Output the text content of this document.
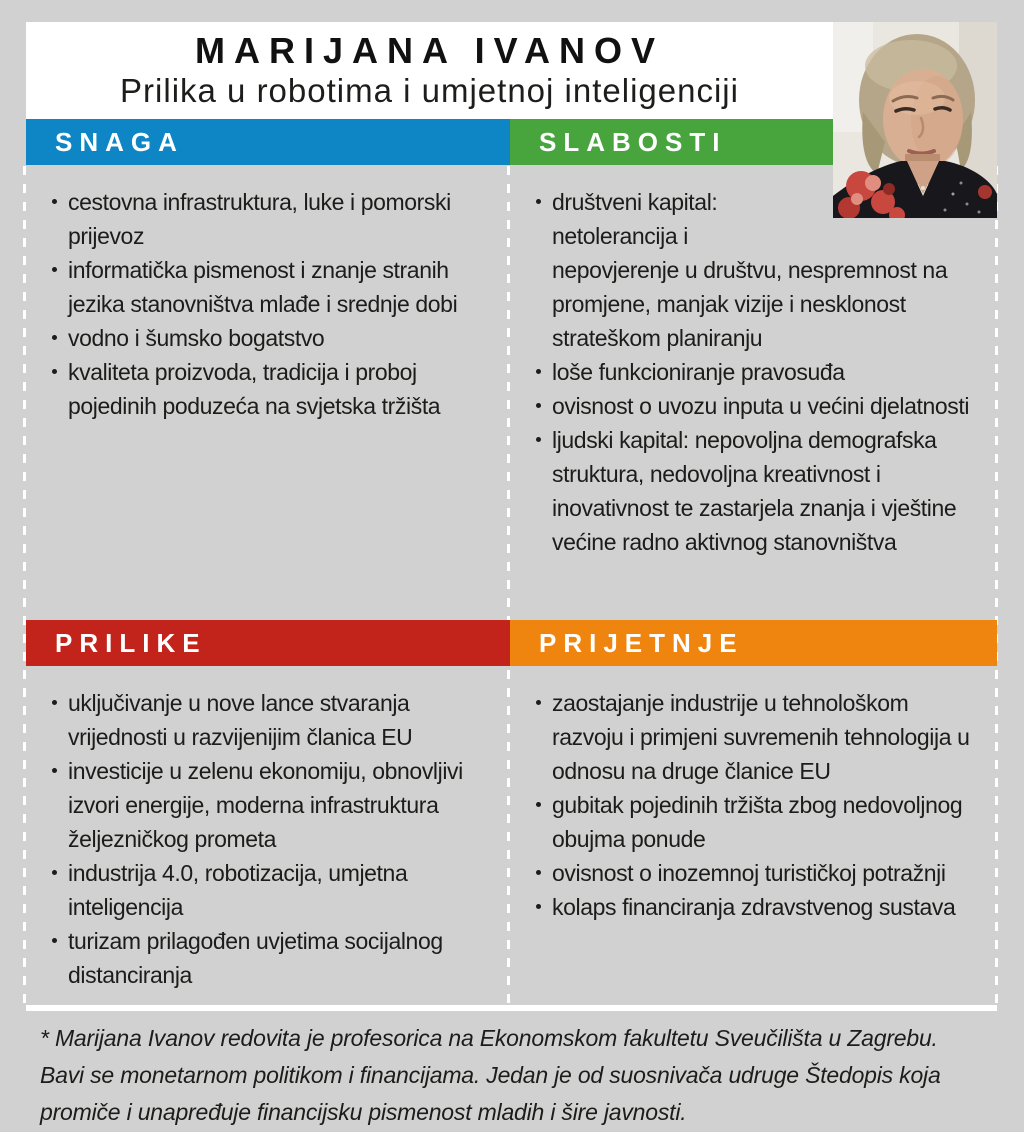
MARIJANA IVANOV
Prilika u robotima i umjetnoj inteligenciji
SNAGA	SLABOSTI
PRILIKE	PRIJETNJE
cestovna infrastruktura, luke i pomorski prijevoz
informatička pismenost i znanje stranih jezika stanovništva mlađe i srednje dobi
vodno i šumsko bogatstvo
kvaliteta proizvoda, tradicija i proboj pojedinih poduzeća na svjetska tržišta
društveni kapital: netolerancija i nepovjerenje u društvu, nespremnost na promjene, manjak vizije i nesklonost strateškom planiranju
loše funkcioniranje pravosuđa
ovisnost o uvozu inputa u većini djelatnosti
ljudski kapital: nepovoljna demografska struktura, nedovoljna kreativnost i inovativnost te zastarjela znanja i vještine većine radno aktivnog stanovništva
uključivanje u nove lance stvaranja vrijednosti u razvijenijim članica EU
investicije u zelenu ekonomiju, obnovljivi izvori energije, moderna infrastruktura željezničkog prometa
industrija 4.0, robotizacija, umjetna inteligencija
turizam prilagođen uvjetima socijalnog distanciranja
zaostajanje industrije u tehnološkom razvoju i primjeni suvremenih tehnologija u odnosu na druge članice EU
gubitak pojedinih tržišta zbog nedovoljnog obujma ponude
ovisnost o inozemnoj turističkoj potražnji
kolaps financiranja zdravstvenog sustava
* Marijana Ivanov redovita je profesorica na Ekonomskom fakultetu Sveučilišta u Zagrebu. Bavi se monetarnom politikom i financijama. Jedan je od suosnivača udruge Štedopis koja promiče i unapređuje financijsku pismenost mladih i šire javnosti.
